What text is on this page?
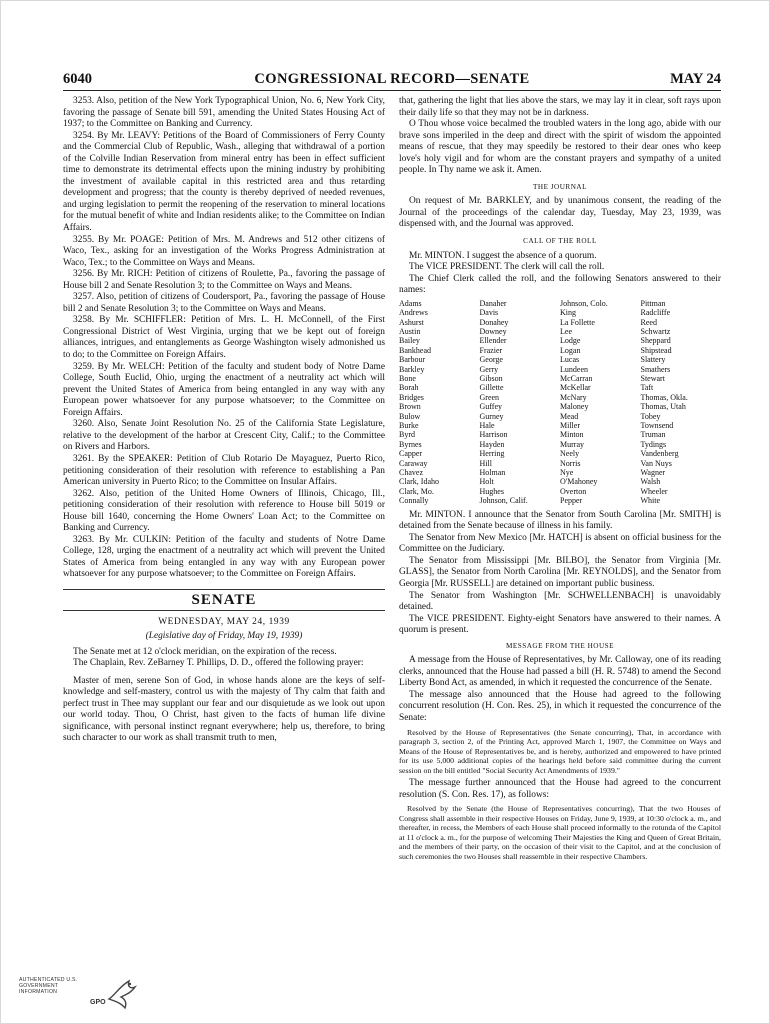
6040	CONGRESSIONAL RECORD—SENATE	MAY 24

3253. Also, petition of the New York Typographical Union, No. 6, New York City, favoring the passage of Senate bill 591, amending the United States Housing Act of 1937; to the Committee on Banking and Currency.

3254. By Mr. LEAVY: Petitions of the Board of Commissioners of Ferry County and the Commercial Club of Republic, Wash., alleging that withdrawal of a portion of the Colville Indian Reservation from mineral entry has been in effect sufficient time to demonstrate its detrimental effects upon the mining industry by prohibiting the investment of available capital in this restricted area and thus retarding development and progress; that the county is thereby deprived of needed revenues, and urging legislation to permit the reopening of the reservation to mineral locations for the mutual benefit of white and Indian residents alike; to the Committee on Indian Affairs.

3255. By Mr. POAGE: Petition of Mrs. M. Andrews and 512 other citizens of Waco, Tex., asking for an investigation of the Works Progress Administration at Waco, Tex.; to the Committee on Ways and Means.

3256. By Mr. RICH: Petition of citizens of Roulette, Pa., favoring the passage of House bill 2 and Senate Resolution 3; to the Committee on Ways and Means.

3257. Also, petition of citizens of Coudersport, Pa., favoring the passage of House bill 2 and Senate Resolution 3; to the Committee on Ways and Means.

3258. By Mr. SCHIFFLER: Petition of Mrs. L. H. McConnell, of the First Congressional District of West Virginia, urging that we be kept out of foreign alliances, intrigues, and entanglements as George Washington wisely admonished us to do; to the Committee on Foreign Affairs.

3259. By Mr. WELCH: Petition of the faculty and student body of Notre Dame College, South Euclid, Ohio, urging the enactment of a neutrality act which will prevent the United States of America from being entangled in any way with any European power whatsoever for any purpose whatsoever; to the Committee on Foreign Affairs.

3260. Also, Senate Joint Resolution No. 25 of the California State Legislature, relative to the development of the harbor at Crescent City, Calif.; to the Committee on Rivers and Harbors.

3261. By the SPEAKER: Petition of Club Rotario De Mayaguez, Puerto Rico, petitioning consideration of their resolution with reference to establishing a Pan American university in Puerto Rico; to the Committee on Insular Affairs.

3262. Also, petition of the United Home Owners of Illinois, Chicago, Ill., petitioning consideration of their resolution with reference to House bill 5019 or House bill 1640, concerning the Home Owners' Loan Act; to the Committee on Banking and Currency.

3263. By Mr. CULKIN: Petition of the faculty and students of Notre Dame College, 128, urging the enactment of a neutrality act which will prevent the United States of America from being entangled in any way with any European power whatsoever for any purpose whatsoever; to the Committee on Foreign Affairs.

SENATE

WEDNESDAY, MAY 24, 1939

(Legislative day of Friday, May 19, 1939)

The Senate met at 12 o'clock meridian, on the expiration of the recess.

The Chaplain, Rev. ZeBarney T. Phillips, D. D., offered the following prayer:

Master of men, serene Son of God, in whose hands alone are the keys of self-knowledge and self-mastery, control us with the majesty of Thy calm that faith and perfect trust in Thee may supplant our fear and our disquietude as we look out upon our world today. Thou, O Christ, hast given to the facts of human life divine significance, with personal instinct regnant everywhere; help us, therefore, to bring such character to our work as shall transmit truth to men,

that, gathering the light that lies above the stars, we may lay it in clear, soft rays upon their daily life so that they may not be in darkness.

O Thou whose voice becalmed the troubled waters in the long ago, abide with our brave sons imperiled in the deep and direct with the spirit of wisdom the appointed means of rescue, that they may speedily be restored to their dear ones who keep love's holy vigil and for whom are the constant prayers and sympathy of a united people. In Thy name we ask it. Amen.

THE JOURNAL

On request of Mr. BARKLEY, and by unanimous consent, the reading of the Journal of the proceedings of the calendar day, Tuesday, May 23, 1939, was dispensed with, and the Journal was approved.

CALL OF THE ROLL

Mr. MINTON. I suggest the absence of a quorum.

The VICE PRESIDENT. The clerk will call the roll.

The Chief Clerk called the roll, and the following Senators answered to their names:

Adams	Danaher	Johnson, Colo.	Pittman
Andrews	Davis	King	Radcliffe
Ashurst	Donahey	La Follette	Reed
Austin	Downey	Lee	Schwartz
Bailey	Ellender	Lodge	Sheppard
Bankhead	Frazier	Logan	Shipstead
Barbour	George	Lucas	Slattery
Barkley	Gerry	Lundeen	Smathers
Bone	Gibson	McCarran	Stewart
Borah	Gillette	McKellar	Taft
Bridges	Green	McNary	Thomas, Okla.
Brown	Guffey	Maloney	Thomas, Utah
Bulow	Gurney	Mead	Tobey
Burke	Hale	Miller	Townsend
Byrd	Harrison	Minton	Truman
Byrnes	Hayden	Murray	Tydings
Capper	Herring	Neely	Vandenberg
Caraway	Hill	Norris	Van Nuys
Chavez	Holman	Nye	Wagner
Clark, Idaho	Holt	O'Mahoney	Walsh
Clark, Mo.	Hughes	Overton	Wheeler
Connally	Johnson, Calif.	Pepper	White

Mr. MINTON. I announce that the Senator from South Carolina [Mr. SMITH] is detained from the Senate because of illness in his family.

The Senator from New Mexico [Mr. HATCH] is absent on official business for the Committee on the Judiciary.

The Senator from Mississippi [Mr. BILBO], the Senator from Virginia [Mr. GLASS], the Senator from North Carolina [Mr. REYNOLDS], and the Senator from Georgia [Mr. RUSSELL] are detained on important public business.

The Senator from Washington [Mr. SCHWELLENBACH] is unavoidably detained.

The VICE PRESIDENT. Eighty-eight Senators have answered to their names. A quorum is present.

MESSAGE FROM THE HOUSE

A message from the House of Representatives, by Mr. Calloway, one of its reading clerks, announced that the House had passed a bill (H. R. 5748) to amend the Second Liberty Bond Act, as amended, in which it requested the concurrence of the Senate.

The message also announced that the House had agreed to the following concurrent resolution (H. Con. Res. 25), in which it requested the concurrence of the Senate:

Resolved by the House of Representatives (the Senate concurring), That, in accordance with paragraph 3, section 2, of the Printing Act, approved March 1, 1907, the Committee on Ways and Means of the House of Representatives be, and is hereby, authorized and empowered to have printed for its use 5,000 additional copies of the hearings held before said committee during the current session on the bill entitled "Social Security Act Amendments of 1939."

The message further announced that the House had agreed to the concurrent resolution (S. Con. Res. 17), as follows:

Resolved by the Senate (the House of Representatives concurring), That the two Houses of Congress shall assemble in their respective Houses on Friday, June 9, 1939, at 10:30 o'clock a. m., and thereafter, in recess, the Members of each House shall proceed informally to the rotunda of the Capitol at 11 o'clock a. m., for the purpose of welcoming Their Majesties the King and Queen of Great Britain, and the members of their party, on the occasion of their visit to the Capitol, and at the conclusion of such ceremonies the two Houses shall reassemble in their respective Chambers.

AUTHENTICATED U.S. GOVERNMENT INFORMATION
GPO
